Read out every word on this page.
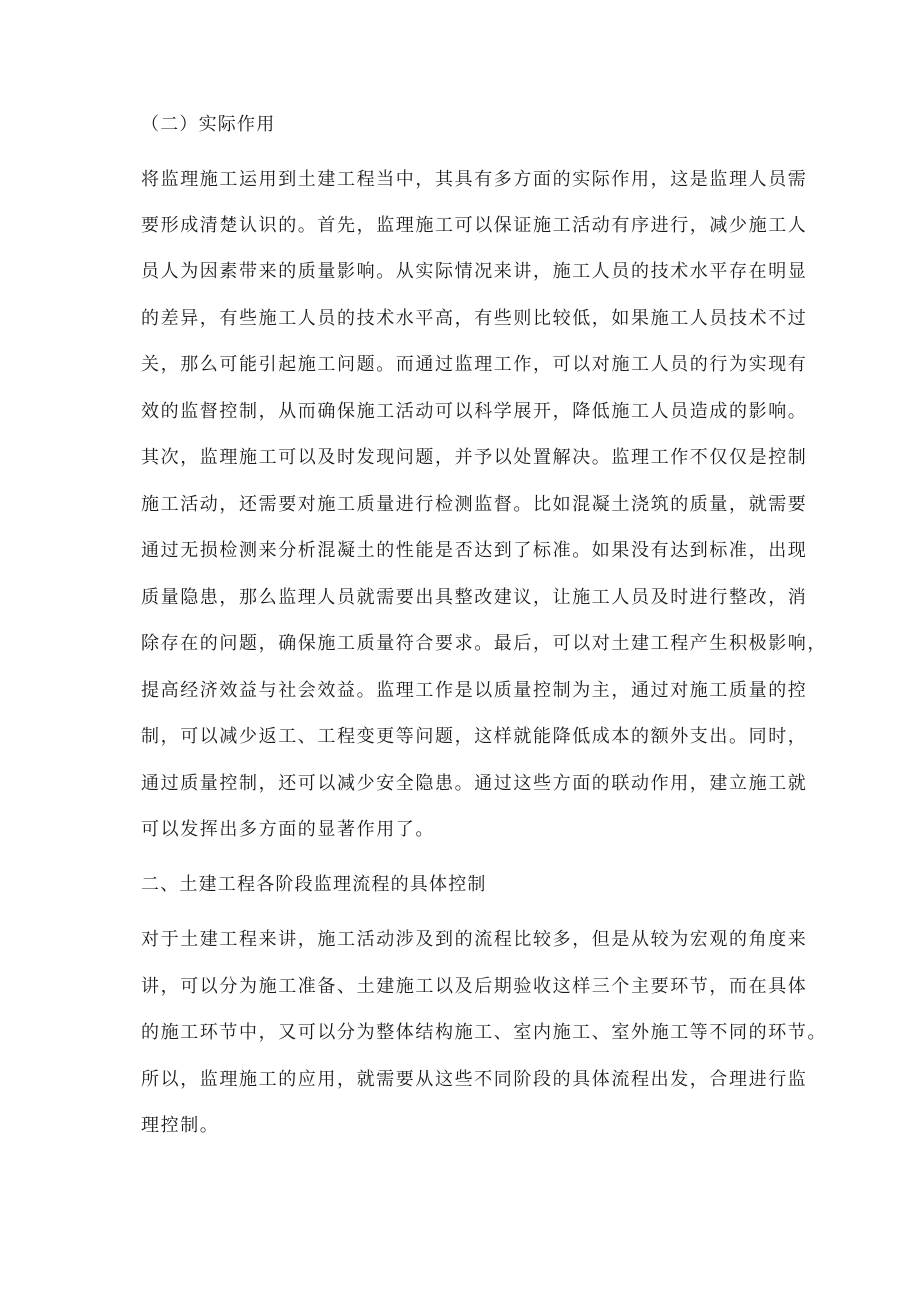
（二）实际作用
将监理施工运用到土建工程当中，其具有多方面的实际作用，这是监理人员需
要形成清楚认识的。首先，监理施工可以保证施工活动有序进行，减少施工人
员人为因素带来的质量影响。从实际情况来讲，施工人员的技术水平存在明显
的差异，有些施工人员的技术水平高，有些则比较低，如果施工人员技术不过
关，那么可能引起施工问题。而通过监理工作，可以对施工人员的行为实现有
效的监督控制，从而确保施工活动可以科学展开，降低施工人员造成的影响。
其次，监理施工可以及时发现问题，并予以处置解决。监理工作不仅仅是控制
施工活动，还需要对施工质量进行检测监督。比如混凝土浇筑的质量，就需要
通过无损检测来分析混凝土的性能是否达到了标准。如果没有达到标准，出现
质量隐患，那么监理人员就需要出具整改建议，让施工人员及时进行整改，消
除存在的问题，确保施工质量符合要求。最后，可以对土建工程产生积极影响，
提高经济效益与社会效益。监理工作是以质量控制为主，通过对施工质量的控
制，可以减少返工、工程变更等问题，这样就能降低成本的额外支出。同时，
通过质量控制，还可以减少安全隐患。通过这些方面的联动作用，建立施工就
可以发挥出多方面的显著作用了。
二、土建工程各阶段监理流程的具体控制
对于土建工程来讲，施工活动涉及到的流程比较多，但是从较为宏观的角度来
讲，可以分为施工准备、土建施工以及后期验收这样三个主要环节，而在具体
的施工环节中，又可以分为整体结构施工、室内施工、室外施工等不同的环节。
所以，监理施工的应用，就需要从这些不同阶段的具体流程出发，合理进行监
理控制。
